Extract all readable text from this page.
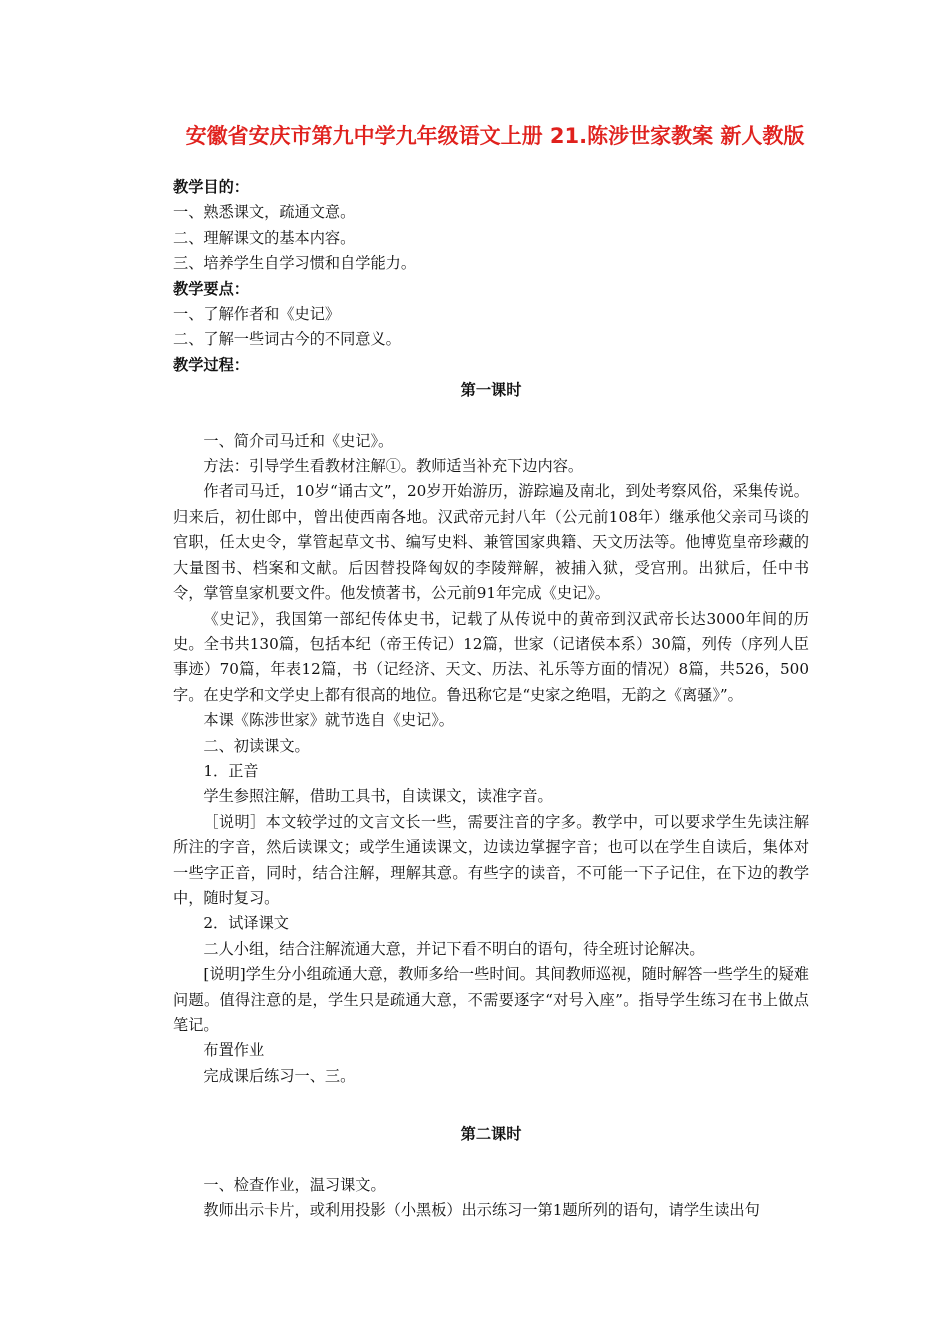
安徽省安庆市第九中学九年级语文上册 21.陈涉世家教案 新人教版

教学目的：

一、熟悉课文，疏通文意。

二、理解课文的基本内容。

三、培养学生自学习惯和自学能力。

教学要点：

一、了解作者和《史记》

二、了解一些词古今的不同意义。

教学过程：

第一课时

一、简介司马迁和《史记》。

方法：引导学生看教材注解①。教师适当补充下边内容。

作者司马迁，10岁“诵古文”，20岁开始游历，游踪遍及南北，到处考察风俗，采集传说。归来后，初仕郎中，曾出使西南各地。汉武帝元封八年（公元前108年）继承他父亲司马谈的官职，任太史令，掌管起草文书、编写史料、兼管国家典籍、天文历法等。他博览皇帝珍藏的大量图书、档案和文献。后因替投降匈奴的李陵辩解，被捕入狱，受宫刑。出狱后，任中书令，掌管皇家机要文件。他发愤著书，公元前91年完成《史记》。

《史记》，我国第一部纪传体史书，记载了从传说中的黄帝到汉武帝长达3000年间的历史。全书共130篇，包括本纪（帝王传记）12篇，世家（记诸侯本系）30篇，列传（序列人臣事迹）70篇，年表12篇，书（记经济、天文、历法、礼乐等方面的情况）8篇，共526，500字。在史学和文学史上都有很高的地位。鲁迅称它是“史家之绝唱，无韵之《离骚》”。

本课《陈涉世家》就节选自《史记》。

二、初读课文。

1．正音

学生参照注解，借助工具书，自读课文，读准字音。

［说明］本文较学过的文言文长一些，需要注音的字多。教学中，可以要求学生先读注解所注的字音，然后读课文；或学生通读课文，边读边掌握字音；也可以在学生自读后，集体对一些字正音，同时，结合注解，理解其意。有些字的读音，不可能一下子记住，在下边的教学中，随时复习。

2．试译课文

二人小组，结合注解流通大意，并记下看不明白的语句，待全班讨论解决。

[说明]学生分小组疏通大意，教师多给一些时间。其间教师巡视，随时解答一些学生的疑难问题。值得注意的是，学生只是疏通大意，不需要逐字“对号入座”。指导学生练习在书上做点笔记。

布置作业

完成课后练习一、三。

第二课时

一、检查作业，温习课文。

教师出示卡片，或利用投影（小黑板）出示练习一第1题所列的语句，请学生读出句
